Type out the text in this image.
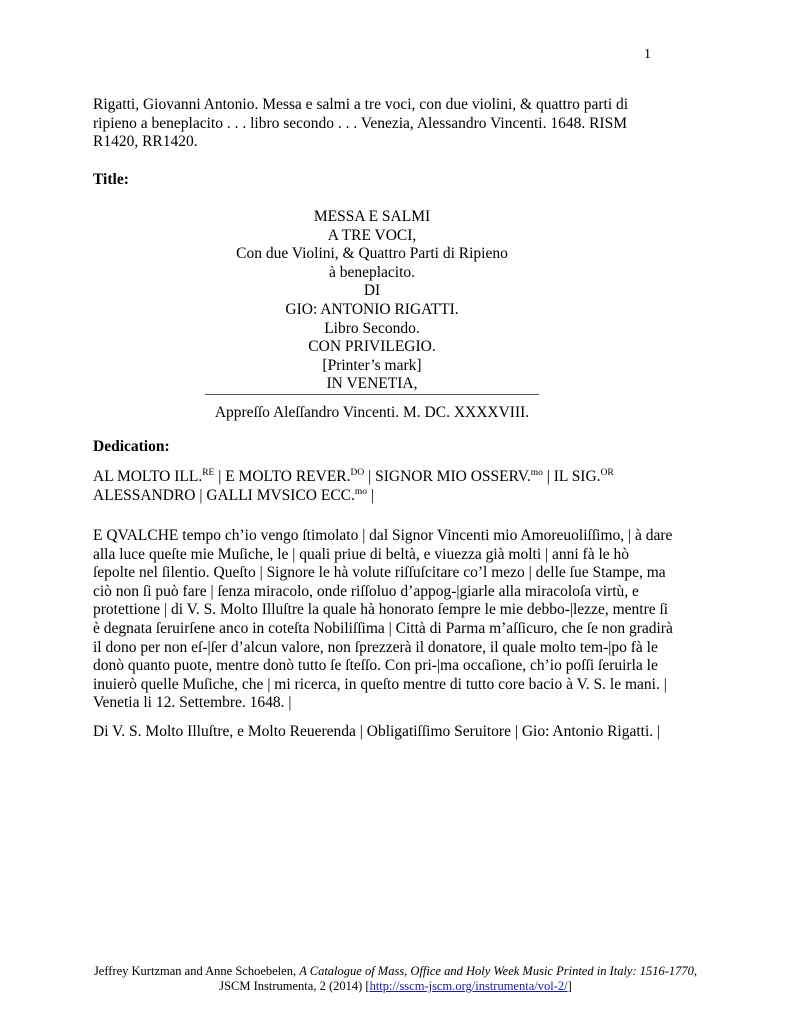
1
Rigatti, Giovanni Antonio. Messa e salmi a tre voci, con due violini, & quattro parti di ripieno a beneplacito . . . libro secondo . . . Venezia, Alessandro Vincenti. 1648. RISM R1420, RR1420.
Title:
MESSA E SALMI
A TRE VOCI,
Con due Violini, & Quattro Parti di Ripieno
à beneplacito.
DI
GIO: ANTONIO RIGATTI.
Libro Secondo.
CON PRIVILEGIO.
[Printer’s mark]
IN VENETIA,
Appreſſo Aleſſandro Vincenti. M. DC. XXXXVIII.
Dedication:
AL MOLTO ILL.$^{RE}$ | E MOLTO REVER.$^{DO}$ | SIGNOR MIO OSSERV.$^{mo}$ | IL SIG.$^{OR}$ ALESSANDRO | GALLI MVSICO ECC.$^{mo}$ |
E QVALCHE tempo ch’io vengo ſtimolato | dal Signor Vincenti mio Amoreuoliſſimo, | à dare alla luce queſte mie Muſiche, le | quali priue di beltà, e viuezza già molti | anni fà le hò ſepolte nel ſilentio. Queſto | Signore le hà volute riſſuſcitare co’l mezo | delle ſue Stampe, ma ciò non ſi può fare | ſenza miracolo, onde riſſoluo d’appog-|giarle alla miracoloſa virtù, e protettione | di V. S. Molto Illuſtre la quale hà honorato ſempre le mie debbo-|lezze, mentre ſi è degnata ſeruirſene anco in coteſta Nobiliſſima | Città di Parma m’aſſicuro, che ſe non gradirà il dono per non eſ-|ſer d’alcun valore, non ſprezzerà il donatore, il quale molto tem-|po fà le donò quanto puote, mentre donò tutto ſe ſteſſo. Con pri-|ma occaſione, ch’io poſſi ſeruirla le inuierò quelle Muſiche, che | mi ricerca, in queſto mentre di tutto core bacio à V. S. le mani. | Venetia li 12. Settembre. 1648. |
Di V. S. Molto Illuſtre, e Molto Reuerenda | Obligatiſſimo Seruitore | Gio: Antonio Rigatti. |
Jeffrey Kurtzman and Anne Schoebelen, A Catalogue of Mass, Office and Holy Week Music Printed in Italy: 1516-1770, JSCM Instrumenta, 2 (2014) [http://sscm-jscm.org/instrumenta/vol-2/]
